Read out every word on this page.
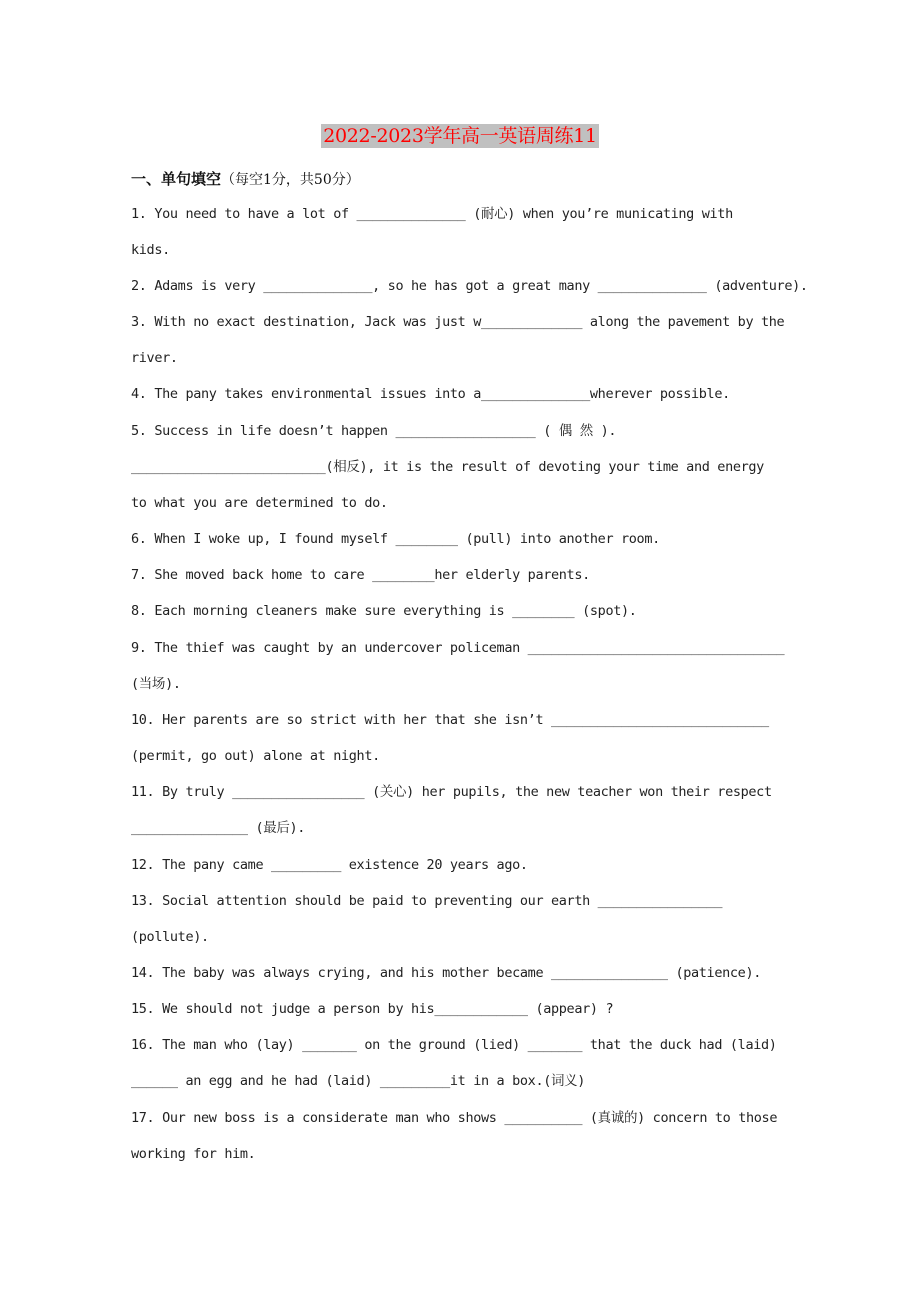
2022-2023学年高一英语周练11
一、单句填空（每空1分，共50分）
1. You need to have a lot of ______________ (耐心) when you’re municating with
kids.
2. Adams is very ______________, so he has got a great many ______________ (adventure).
3. With no exact destination, Jack was just w_____________ along the pavement by the
river.
4. The pany takes environmental issues into a______________wherever possible.
5. Success in life doesn’t happen __________________ ( 偶 然 ).
_________________________(相反), it is the result of devoting your time and energy
to what you are determined to do.
6. When I woke up, I found myself ________ (pull) into another room.
7. She moved back home to care ________her elderly parents.
8. Each morning cleaners make sure everything is ________ (spot).
9. The thief was caught by an undercover policeman _________________________________
(当场).
10. Her parents are so strict with her that she isn’t ____________________________
(permit, go out) alone at night.
11. By truly _________________ (关心) her pupils, the new teacher won their respect
_______________ (最后).
12. The pany came _________ existence 20 years ago.
13. Social attention should be paid to preventing our earth ________________
(pollute).
14. The baby was always crying, and his mother became _______________ (patience).
15. We should not judge a person by his____________ (appear) ?
16. The man who (lay) _______ on the ground (lied) _______ that the duck had (laid)
______ an egg and he had (laid) _________it in a box.(词义)
17. Our new boss is a considerate man who shows __________ (真诚的) concern to those
working for him.
